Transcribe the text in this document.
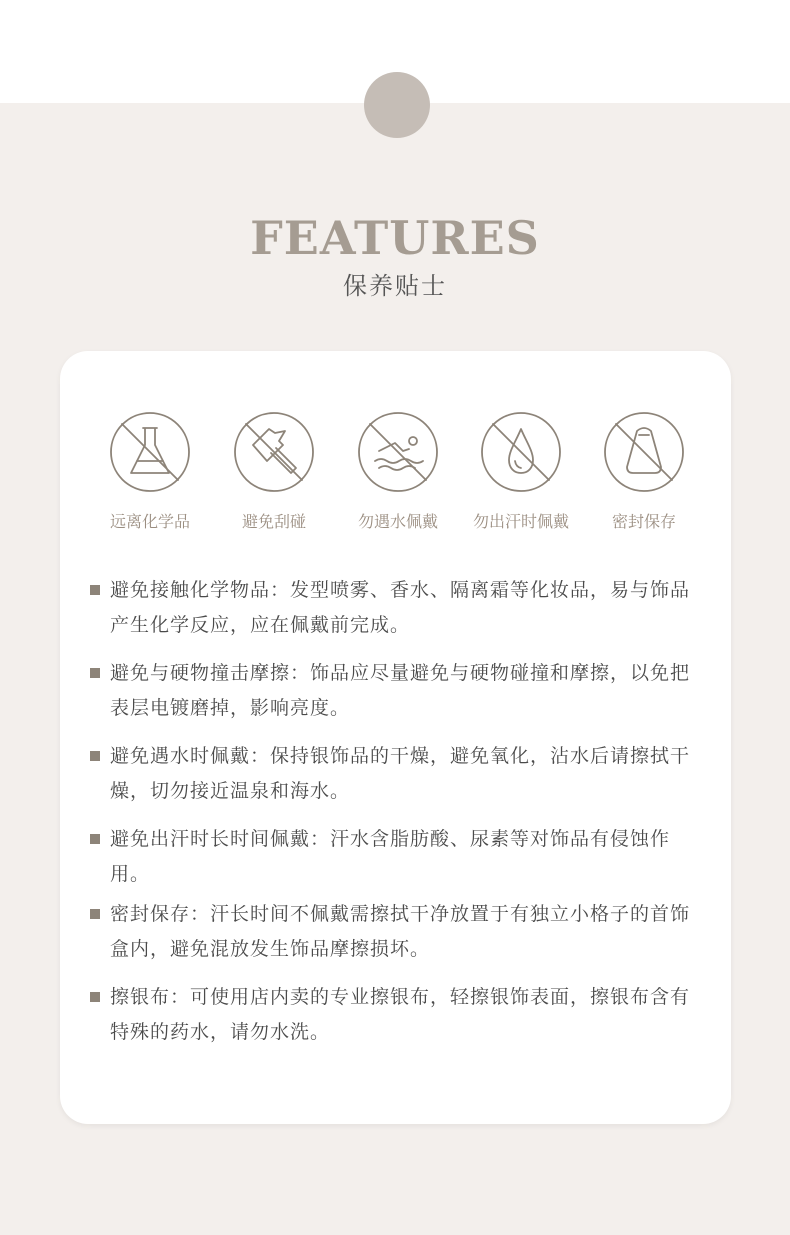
FEATURES
保养贴士
远离化学品	避免刮碰	勿遇水佩戴	勿出汗时佩戴	密封保存
避免接触化学物品：发型喷雾、香水、隔离霜等化妆品，易与饰品产生化学反应，应在佩戴前完成。
避免与硬物撞击摩擦：饰品应尽量避免与硬物碰撞和摩擦，以免把表层电镀磨掉，影响亮度。
避免遇水时佩戴：保持银饰品的干燥，避免氧化，沾水后请擦拭干燥，切勿接近温泉和海水。
避免出汗时长时间佩戴：汗水含脂肪酸、尿素等对饰品有侵蚀作用。
密封保存：汗长时间不佩戴需擦拭干净放置于有独立小格子的首饰盒内，避免混放发生饰品摩擦损坏。
擦银布：可使用店内卖的专业擦银布，轻擦银饰表面，擦银布含有特殊的药水，请勿水洗。
